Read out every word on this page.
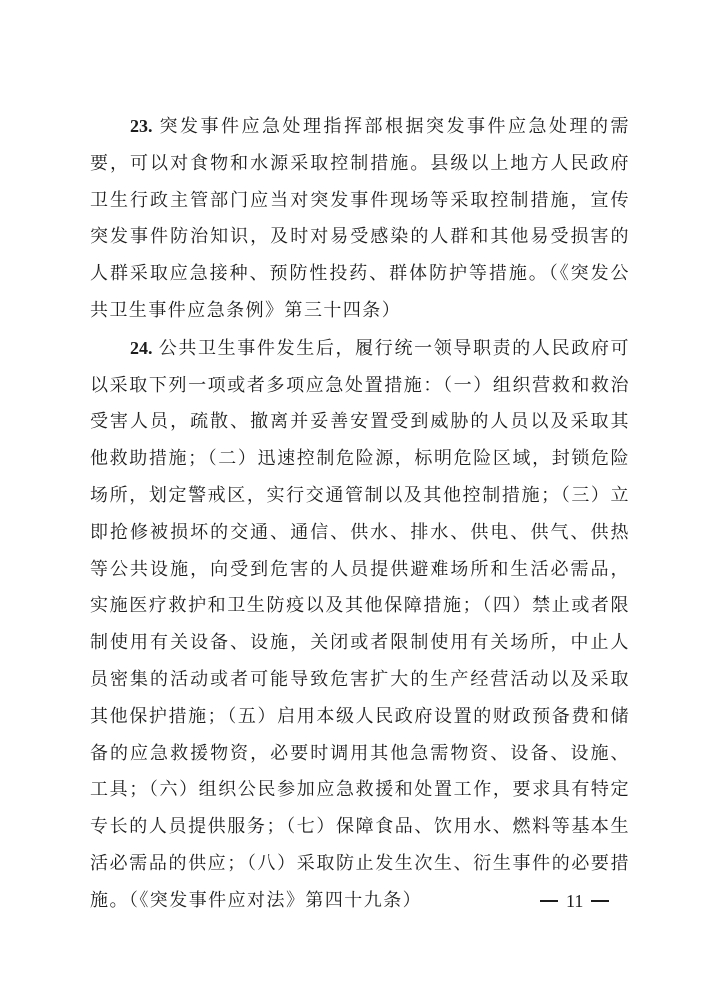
23. 突发事件应急处理指挥部根据突发事件应急处理的需要，可以对食物和水源采取控制措施。县级以上地方人民政府卫生行政主管部门应当对突发事件现场等采取控制措施，宣传突发事件防治知识，及时对易受感染的人群和其他易受损害的人群采取应急接种、预防性投药、群体防护等措施。（《突发公共卫生事件应急条例》第三十四条）

24. 公共卫生事件发生后，履行统一领导职责的人民政府可以采取下列一项或者多项应急处置措施：（一）组织营救和救治受害人员，疏散、撤离并妥善安置受到威胁的人员以及采取其他救助措施；（二）迅速控制危险源，标明危险区域，封锁危险场所，划定警戒区，实行交通管制以及其他控制措施；（三）立即抢修被损坏的交通、通信、供水、排水、供电、供气、供热等公共设施，向受到危害的人员提供避难场所和生活必需品，实施医疗救护和卫生防疫以及其他保障措施；（四）禁止或者限制使用有关设备、设施，关闭或者限制使用有关场所，中止人员密集的活动或者可能导致危害扩大的生产经营活动以及采取其他保护措施；（五）启用本级人民政府设置的财政预备费和储备的应急救援物资，必要时调用其他急需物资、设备、设施、工具；（六）组织公民参加应急救援和处置工作，要求具有特定专长的人员提供服务；（七）保障食品、饮用水、燃料等基本生活必需品的供应；（八）采取防止发生次生、衍生事件的必要措施。（《突发事件应对法》第四十九条）	11
